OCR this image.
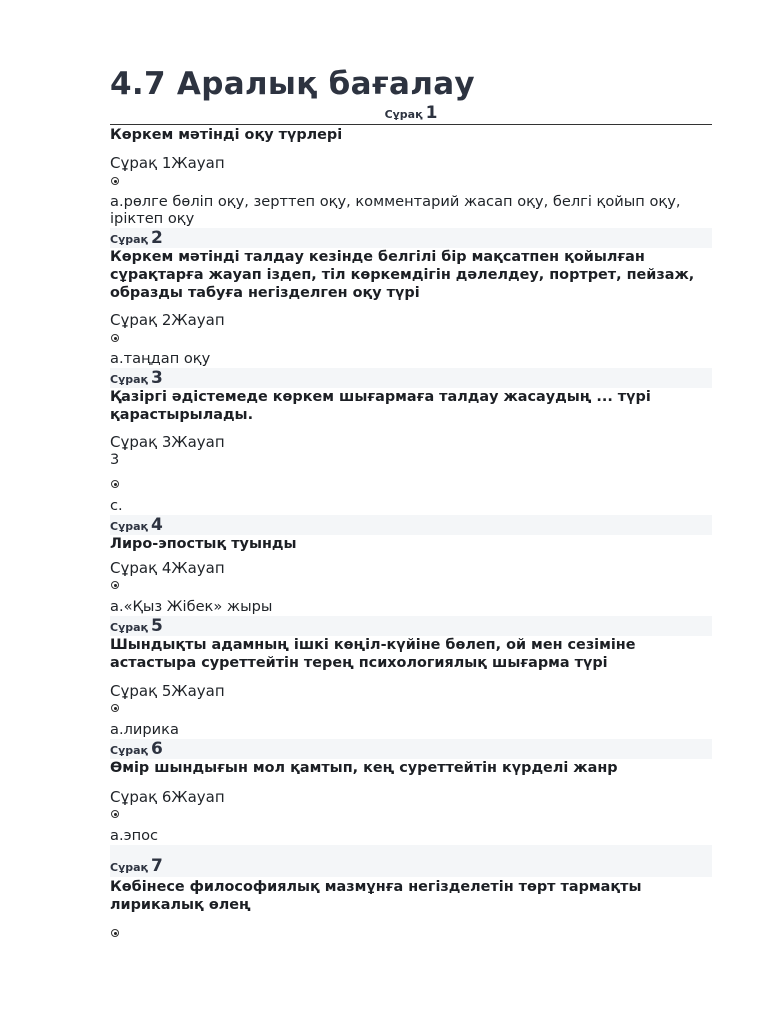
4.7 Аралық бағалау
Сұрақ 1
Көркем мәтінді оқу түрлері
Сұрақ 1Жауап
a.рөлге бөліп оқу, зерттеп оқу, комментарий жасап оқу, белгі қойып оқу, іріктеп оқу
Сұрақ 2
Көркем мәтінді талдау кезінде белгілі бір мақсатпен қойылған сұрақтарға жауап іздеп, тіл көркемдігін дәлелдеу, портрет, пейзаж, образды табуға негізделген оқу түрі
Сұрақ 2Жауап
a.таңдап оқу
Сұрақ 3
Қазіргі әдістемеде көркем шығармаға талдау жасаудың ... түрі қарастырылады.
Сұрақ 3Жауап
3
c.
Сұрақ 4
Лиро-эпостық туынды
Сұрақ 4Жауап
a.«Қыз Жібек» жыры
Сұрақ 5
Шындықты адамның ішкі көңіл-күйіне бөлеп, ой мен сезіміне астастыра суреттейтін терең психологиялық шығарма түрі
Сұрақ 5Жауап
a.лирика
Сұрақ 6
Өмір шындығын мол қамтып, кең суреттейтін күрделі жанр
Сұрақ 6Жауап
a.эпос
Сұрақ 7
Көбінесе философиялық мазмұнға негізделетін төрт тармақты лирикалық өлең
